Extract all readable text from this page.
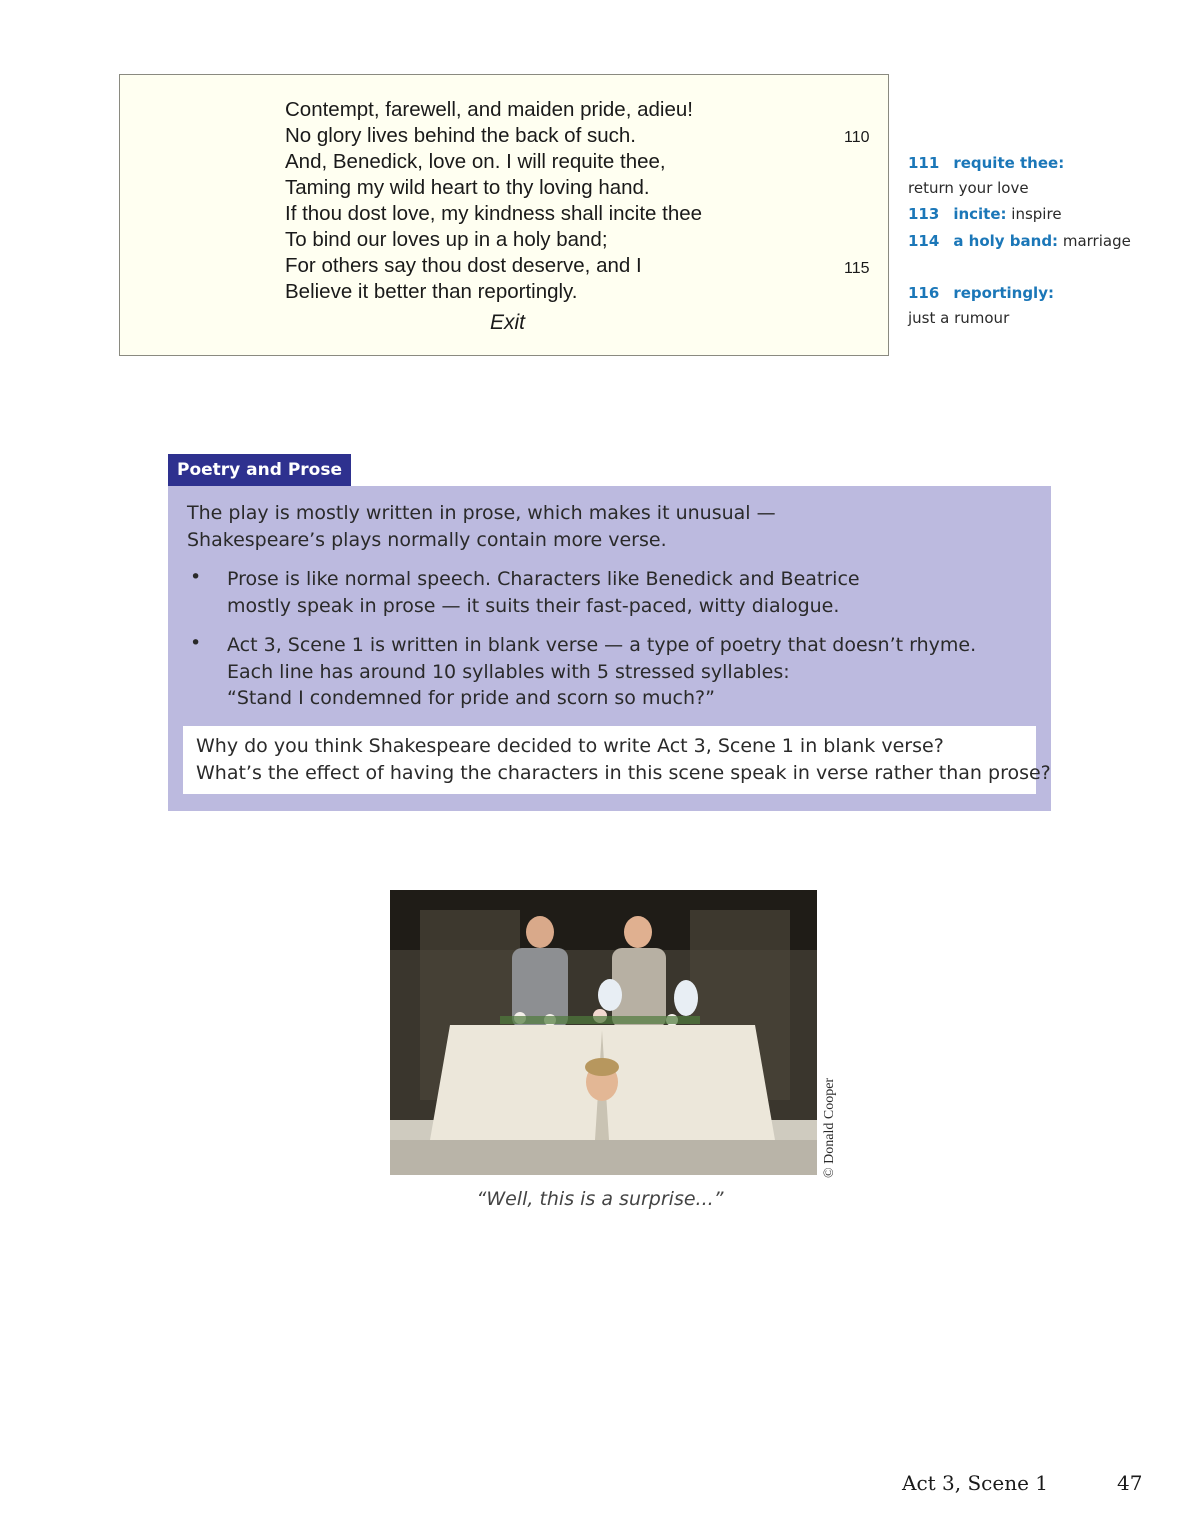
Contempt, farewell, and maiden pride, adieu!
No glory lives behind the back of such.	110
And, Benedick, love on. I will requite thee,
Taming my wild heart to thy loving hand.
If thou dost love, my kindness shall incite thee
To bind our loves up in a holy band;
For others say thou dost deserve, and I	115
Believe it better than reportingly.
Exit
111 requite thee:
return your love
113 incite: inspire
114 a holy band: marriage
116 reportingly:
just a rumour
Poetry and Prose
The play is mostly written in prose, which makes it unusual — Shakespeare’s plays normally contain more verse.
• Prose is like normal speech. Characters like Benedick and Beatrice mostly speak in prose — it suits their fast-paced, witty dialogue.
• Act 3, Scene 1 is written in blank verse — a type of poetry that doesn’t rhyme. Each line has around 10 syllables with 5 stressed syllables:
“Stand I condemned for pride and scorn so much?”
Why do you think Shakespeare decided to write Act 3, Scene 1 in blank verse?
What’s the effect of having the characters in this scene speak in verse rather than prose?
© Donald Cooper
“Well, this is a surprise...”
Act 3, Scene 1	47
